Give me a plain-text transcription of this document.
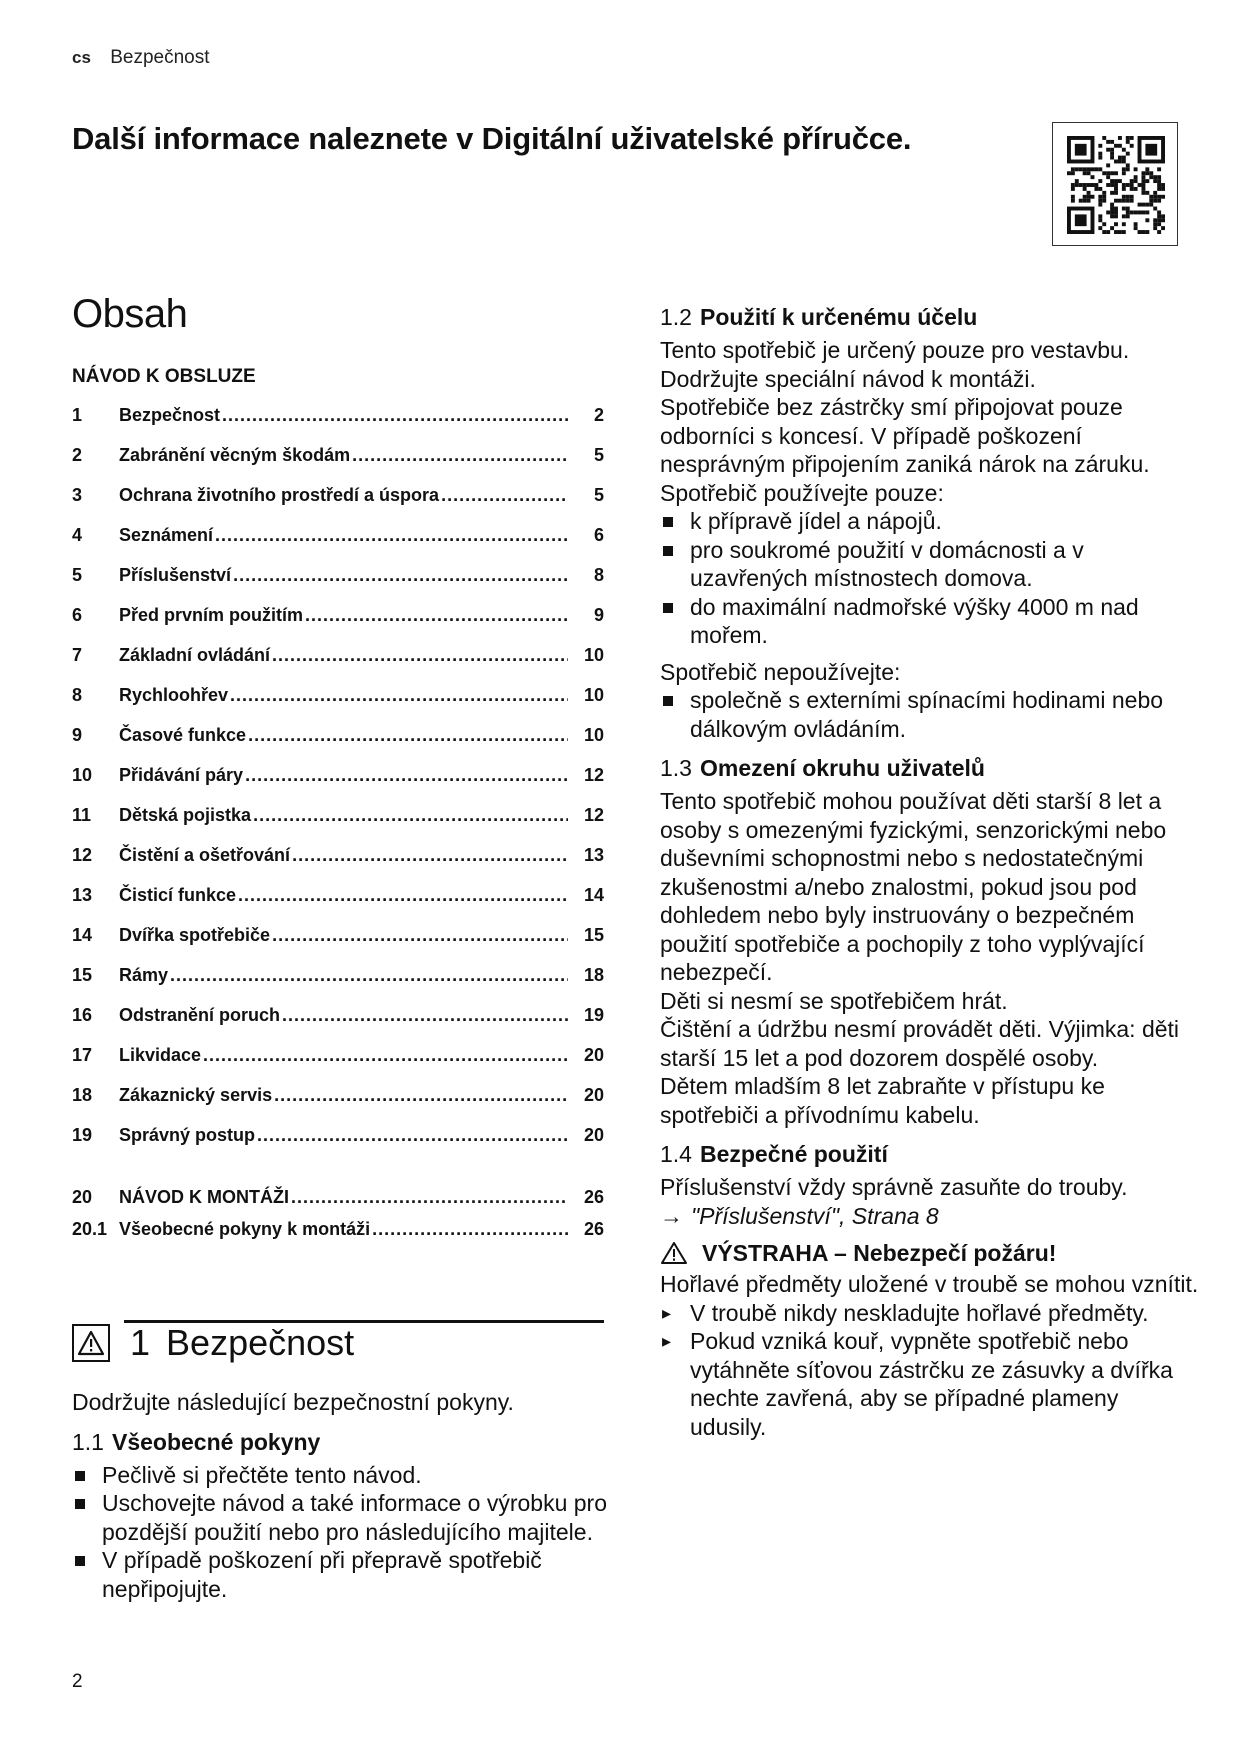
cs Bezpečnost
Další informace naleznete v Digitální uživatelské příručce.
Obsah
NÁVOD K OBSLUZE
1	Bezpečnost .....	2
2	Zabránění věcným škodám .....	5
3	Ochrana životního prostředí a úspora .....	5
4	Seznámení .....	6
5	Příslušenství .....	8
6	Před prvním použitím .....	9
7	Základní ovládání .....	10
8	Rychloohřev .....	10
9	Časové funkce .....	10
10	Přidávání páry .....	12
11	Dětská pojistka .....	12
12	Čistění a ošetřování .....	13
13	Čisticí funkce .....	14
14	Dvířka spotřebiče .....	15
15	Rámy .....	18
16	Odstranění poruch .....	19
17	Likvidace .....	20
18	Zákaznický servis .....	20
19	Správný postup .....	20
20	NÁVOD K MONTÁŽI .....	26
20.1 Všeobecné pokyny k montáži .....	26
1 Bezpečnost

Dodržujte následující bezpečnostní pokyny.

1.1 Všeobecné pokyny
Pečlivě si přečtěte tento návod.
Uschovejte návod a také informace o výrobku pro pozdější použití nebo pro následujícího majitele.
V případě poškození při přepravě spotřebič nepřipojujte.
1.2 Použití k určenému účelu

Tento spotřebič je určený pouze pro vestavbu. Dodržujte speciální návod k montáži.

Spotřebiče bez zástrčky smí připojovat pouze odborníci s koncesí. V případě poškození nesprávným připojením zaniká nárok na záruku.

Spotřebič používejte pouze:

k přípravě jídel a nápojů.
pro soukromé použití v domácnosti a v uzavřených místnostech domova.
do maximální nadmořské výšky 4000 m nad mořem.

Spotřebič nepoužívejte:

společně s externími spínacími hodinami nebo dálkovým ovládáním.
1.3 Omezení okruhu uživatelů

Tento spotřebič mohou používat děti starší 8 let a osoby s omezenými fyzickými, senzorickými nebo duševními schopnostmi nebo s nedostatečnými zkušenostmi a/nebo znalostmi, pokud jsou pod dohledem nebo byly instruovány o bezpečném použití spotřebiče a pochopily z toho vyplývající nebezpečí.

Děti si nesmí se spotřebičem hrát.

Čištění a údržbu nesmí provádět děti. Výjimka: děti starší 15 let a pod dozorem dospělé osoby.

Dětem mladším 8 let zabraňte v přístupu ke spotřebiči a přívodnímu kabelu.

1.4 Bezpečné použití

Příslušenství vždy správně zasuňte do trouby.

→ "Příslušenství", Strana 8
VÝSTRAHA – Nebezpečí požáru!

Hořlavé předměty uložené v troubě se mohou vznítit.

▸ V troubě nikdy neskladujte hořlavé předměty.
▸ Pokud vzniká kouř, vypněte spotřebič nebo vytáhněte síťovou zástrčku ze zásuvky a dvířka nechte zavřená, aby se případné plameny udusily.
2
